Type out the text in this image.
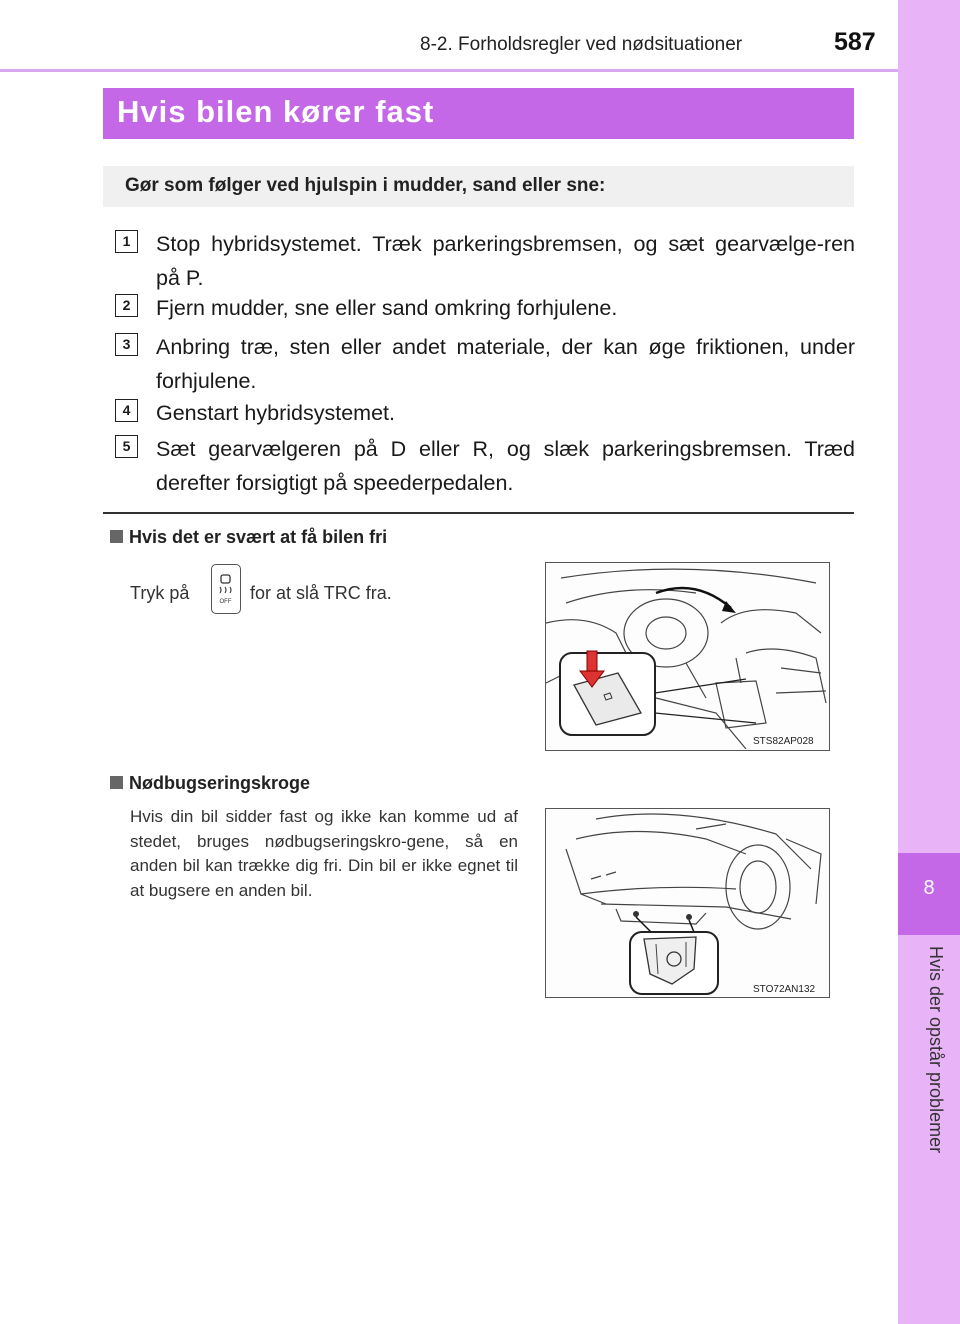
8-2. Forholdsregler ved nødsituationer	587
8
Hvis der opstår problemer
Hvis bilen kører fast
Gør som følger ved hjulspin i mudder, sand eller sne:
1	Stop hybridsystemet. Træk parkeringsbremsen, og sæt gearvælge-ren på P.
2	Fjern mudder, sne eller sand omkring forhjulene.
3	Anbring træ, sten eller andet materiale, der kan øge friktionen, under forhjulene.
4	Genstart hybridsystemet.
5	Sæt gearvælgeren på D eller R, og slæk parkeringsbremsen. Træd derefter forsigtigt på speederpedalen.
Hvis det er svært at få bilen fri
Tryk på	OFF for at slå TRC fra.
STS82AP028
Nødbugseringskroge
Hvis din bil sidder fast og ikke kan komme ud af stedet, bruges nødbugseringskro-gene, så en anden bil kan trække dig fri. Din bil er ikke egnet til at bugsere en anden bil.
STO72AN132
